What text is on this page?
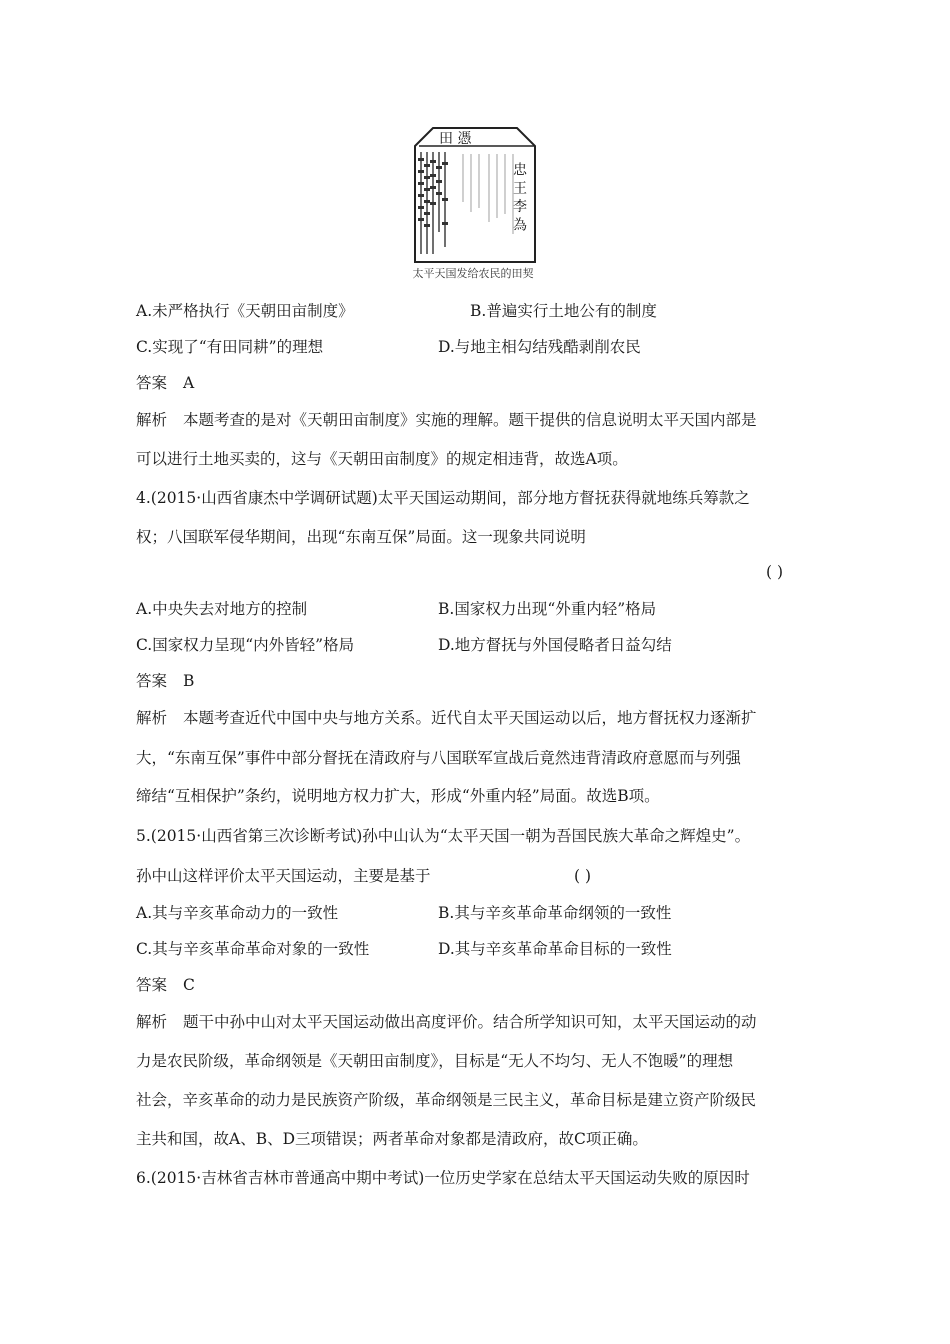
田 憑
忠 王 李 為
太平天国发给农民的田契
A.未严格执行《天朝田亩制度》	B.普遍实行土地公有的制度
C.实现了“有田同耕”的理想	D.与地主相勾结残酷剥削农民
答案 A
解析 本题考查的是对《天朝田亩制度》实施的理解。题干提供的信息说明太平天国内部是
可以进行土地买卖的，这与《天朝田亩制度》的规定相违背，故选A项。
4.(2015·山西省康杰中学调研试题)太平天国运动期间，部分地方督抚获得就地练兵筹款之
权；八国联军侵华期间，出现“东南互保”局面。这一现象共同说明
( )
A.中央失去对地方的控制	B.国家权力出现“外重内轻”格局
C.国家权力呈现“内外皆轻”格局	D.地方督抚与外国侵略者日益勾结
答案 B
解析 本题考查近代中国中央与地方关系。近代自太平天国运动以后，地方督抚权力逐渐扩
大，“东南互保”事件中部分督抚在清政府与八国联军宣战后竟然违背清政府意愿而与列强
缔结“互相保护”条约，说明地方权力扩大，形成“外重内轻”局面。故选B项。
5.(2015·山西省第三次诊断考试)孙中山认为“太平天国一朝为吾国民族大革命之辉煌史”。
孙中山这样评价太平天国运动，主要是基于	( )
A.其与辛亥革命动力的一致性	B.其与辛亥革命革命纲领的一致性
C.其与辛亥革命革命对象的一致性	D.其与辛亥革命革命目标的一致性
答案 C
解析 题干中孙中山对太平天国运动做出高度评价。结合所学知识可知，太平天国运动的动
力是农民阶级，革命纲领是《天朝田亩制度》，目标是“无人不均匀、无人不饱暖”的理想
社会，辛亥革命的动力是民族资产阶级，革命纲领是三民主义，革命目标是建立资产阶级民
主共和国，故A、B、D三项错误；两者革命对象都是清政府，故C项正确。
6.(2015·吉林省吉林市普通高中期中考试)一位历史学家在总结太平天国运动失败的原因时
